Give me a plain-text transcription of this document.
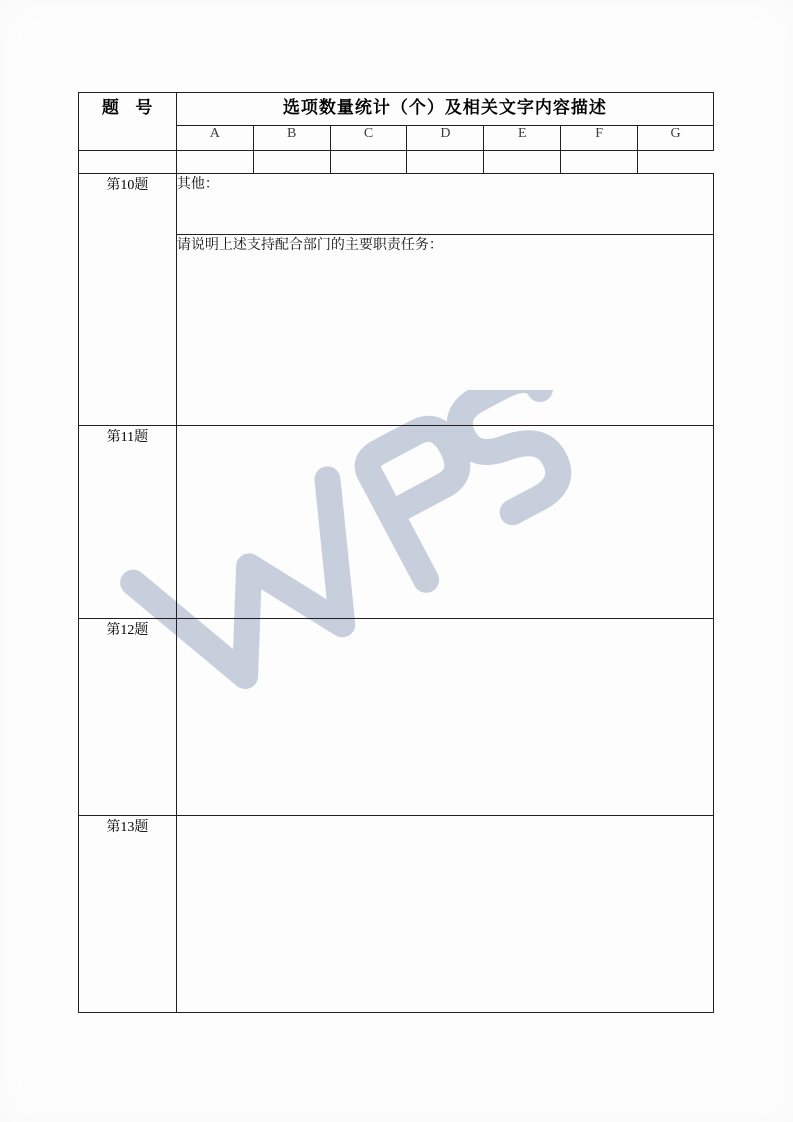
题 号	选项数量统计（个）及相关文字内容描述						
	A	B	C	D	E	F	G

第10题	其他：						
	请说明上述支持配合部门的主要职责任务：						
第11题							
第12题							
第13题							
